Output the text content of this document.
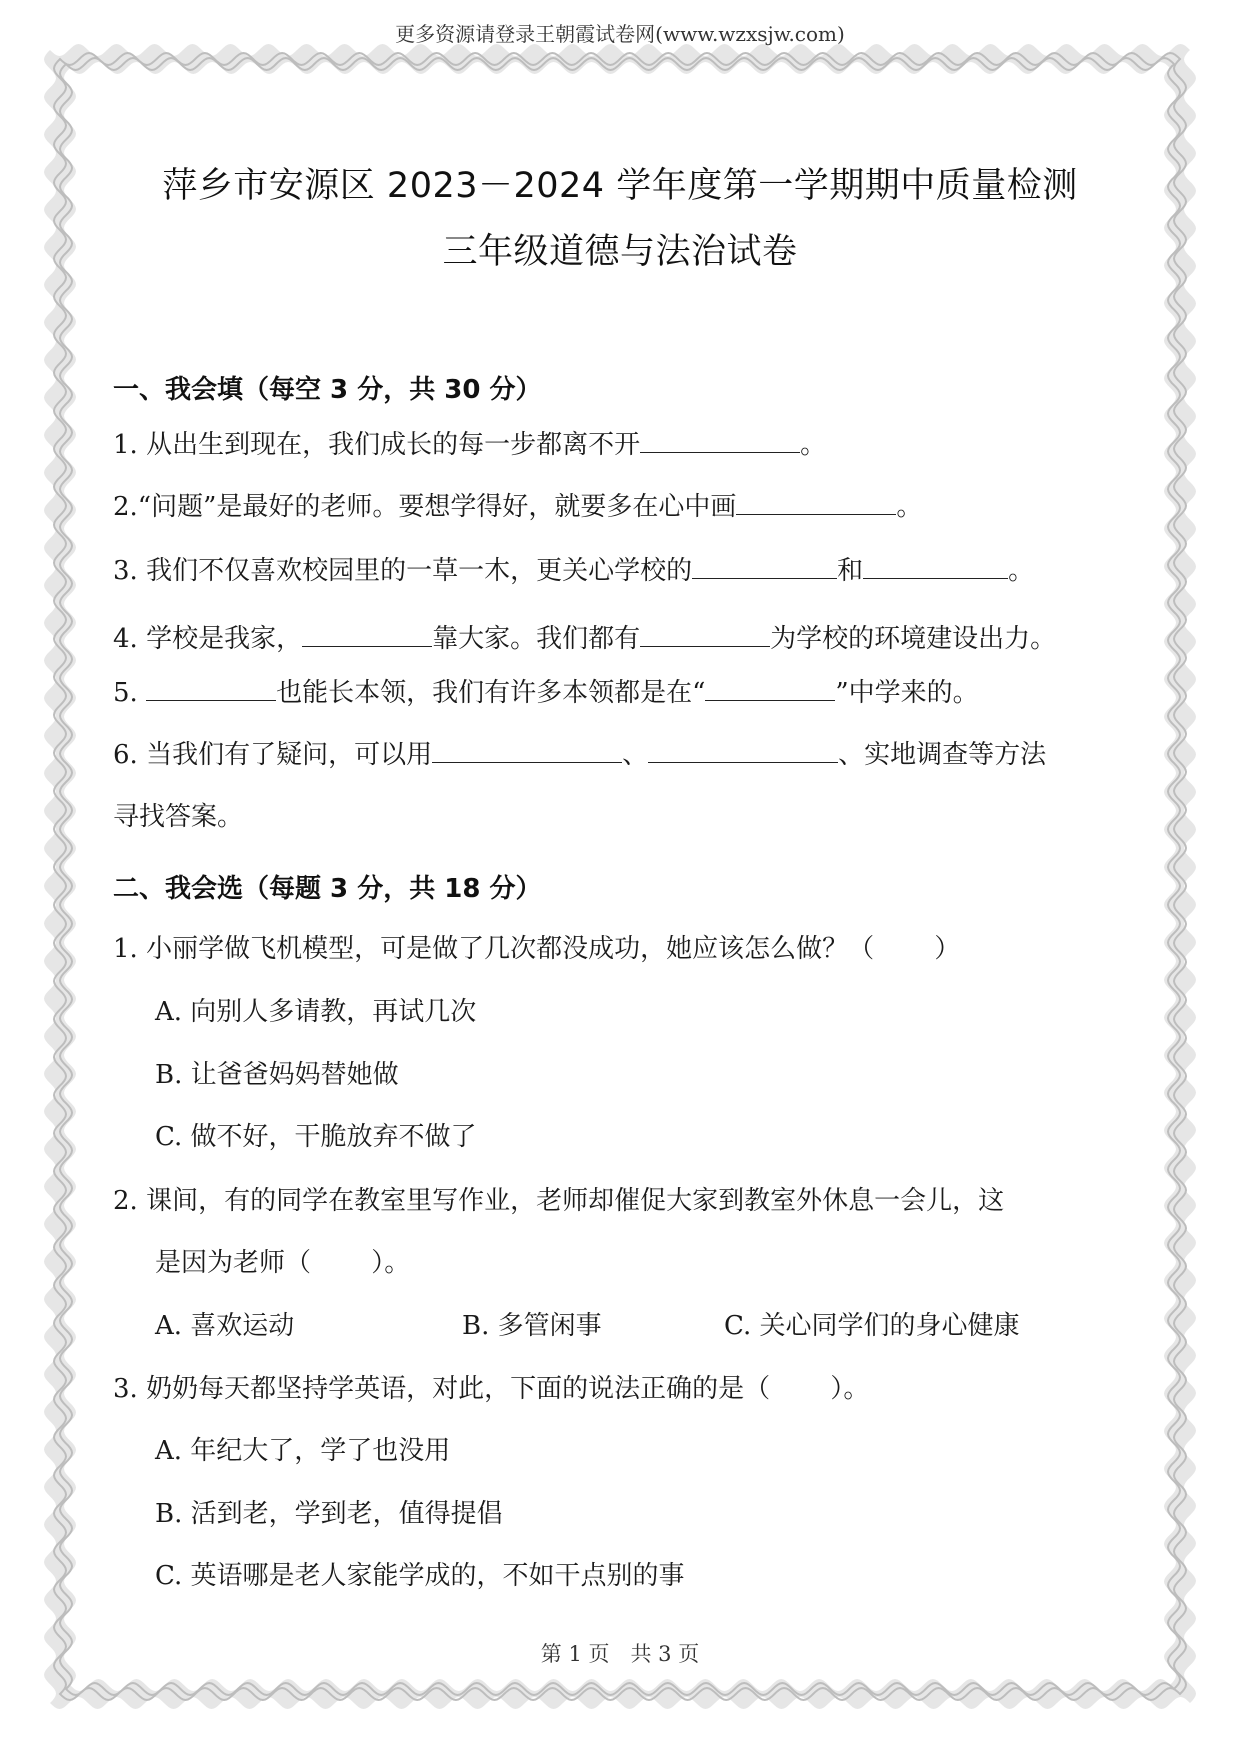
更多资源请登录王朝霞试卷网(www.wzxsjw.com)
萍乡市安源区 2023－2024 学年度第一学期期中质量检测
三年级道德与法治试卷
一、我会填（每空 3 分，共 30 分）
1. 从出生到现在，我们成长的每一步都离不开	。
2.“问题”是最好的老师。要想学得好，就要多在心中画	。
3. 我们不仅喜欢校园里的一草一木，更关心学校的	和	。
4. 学校是我家，	靠大家。我们都有	为学校的环境建设出力。
5.	也能长本领，我们有许多本领都是在“	”中学来的。
6. 当我们有了疑问，可以用	、	、实地调查等方法
寻找答案。
二、我会选（每题 3 分，共 18 分）
1. 小丽学做飞机模型，可是做了几次都没成功，她应该怎么做？（　　 ）
A. 向别人多请教，再试几次
B. 让爸爸妈妈替她做
C. 做不好，干脆放弃不做了
2. 课间，有的同学在教室里写作业，老师却催促大家到教室外休息一会儿，这
是因为老师（　　 ）。
A. 喜欢运动	B. 多管闲事	C. 关心同学们的身心健康
3. 奶奶每天都坚持学英语，对此，下面的说法正确的是（　　 ）。
A. 年纪大了，学了也没用
B. 活到老，学到老，值得提倡
C. 英语哪是老人家能学成的，不如干点别的事
第 1 页　共 3 页
